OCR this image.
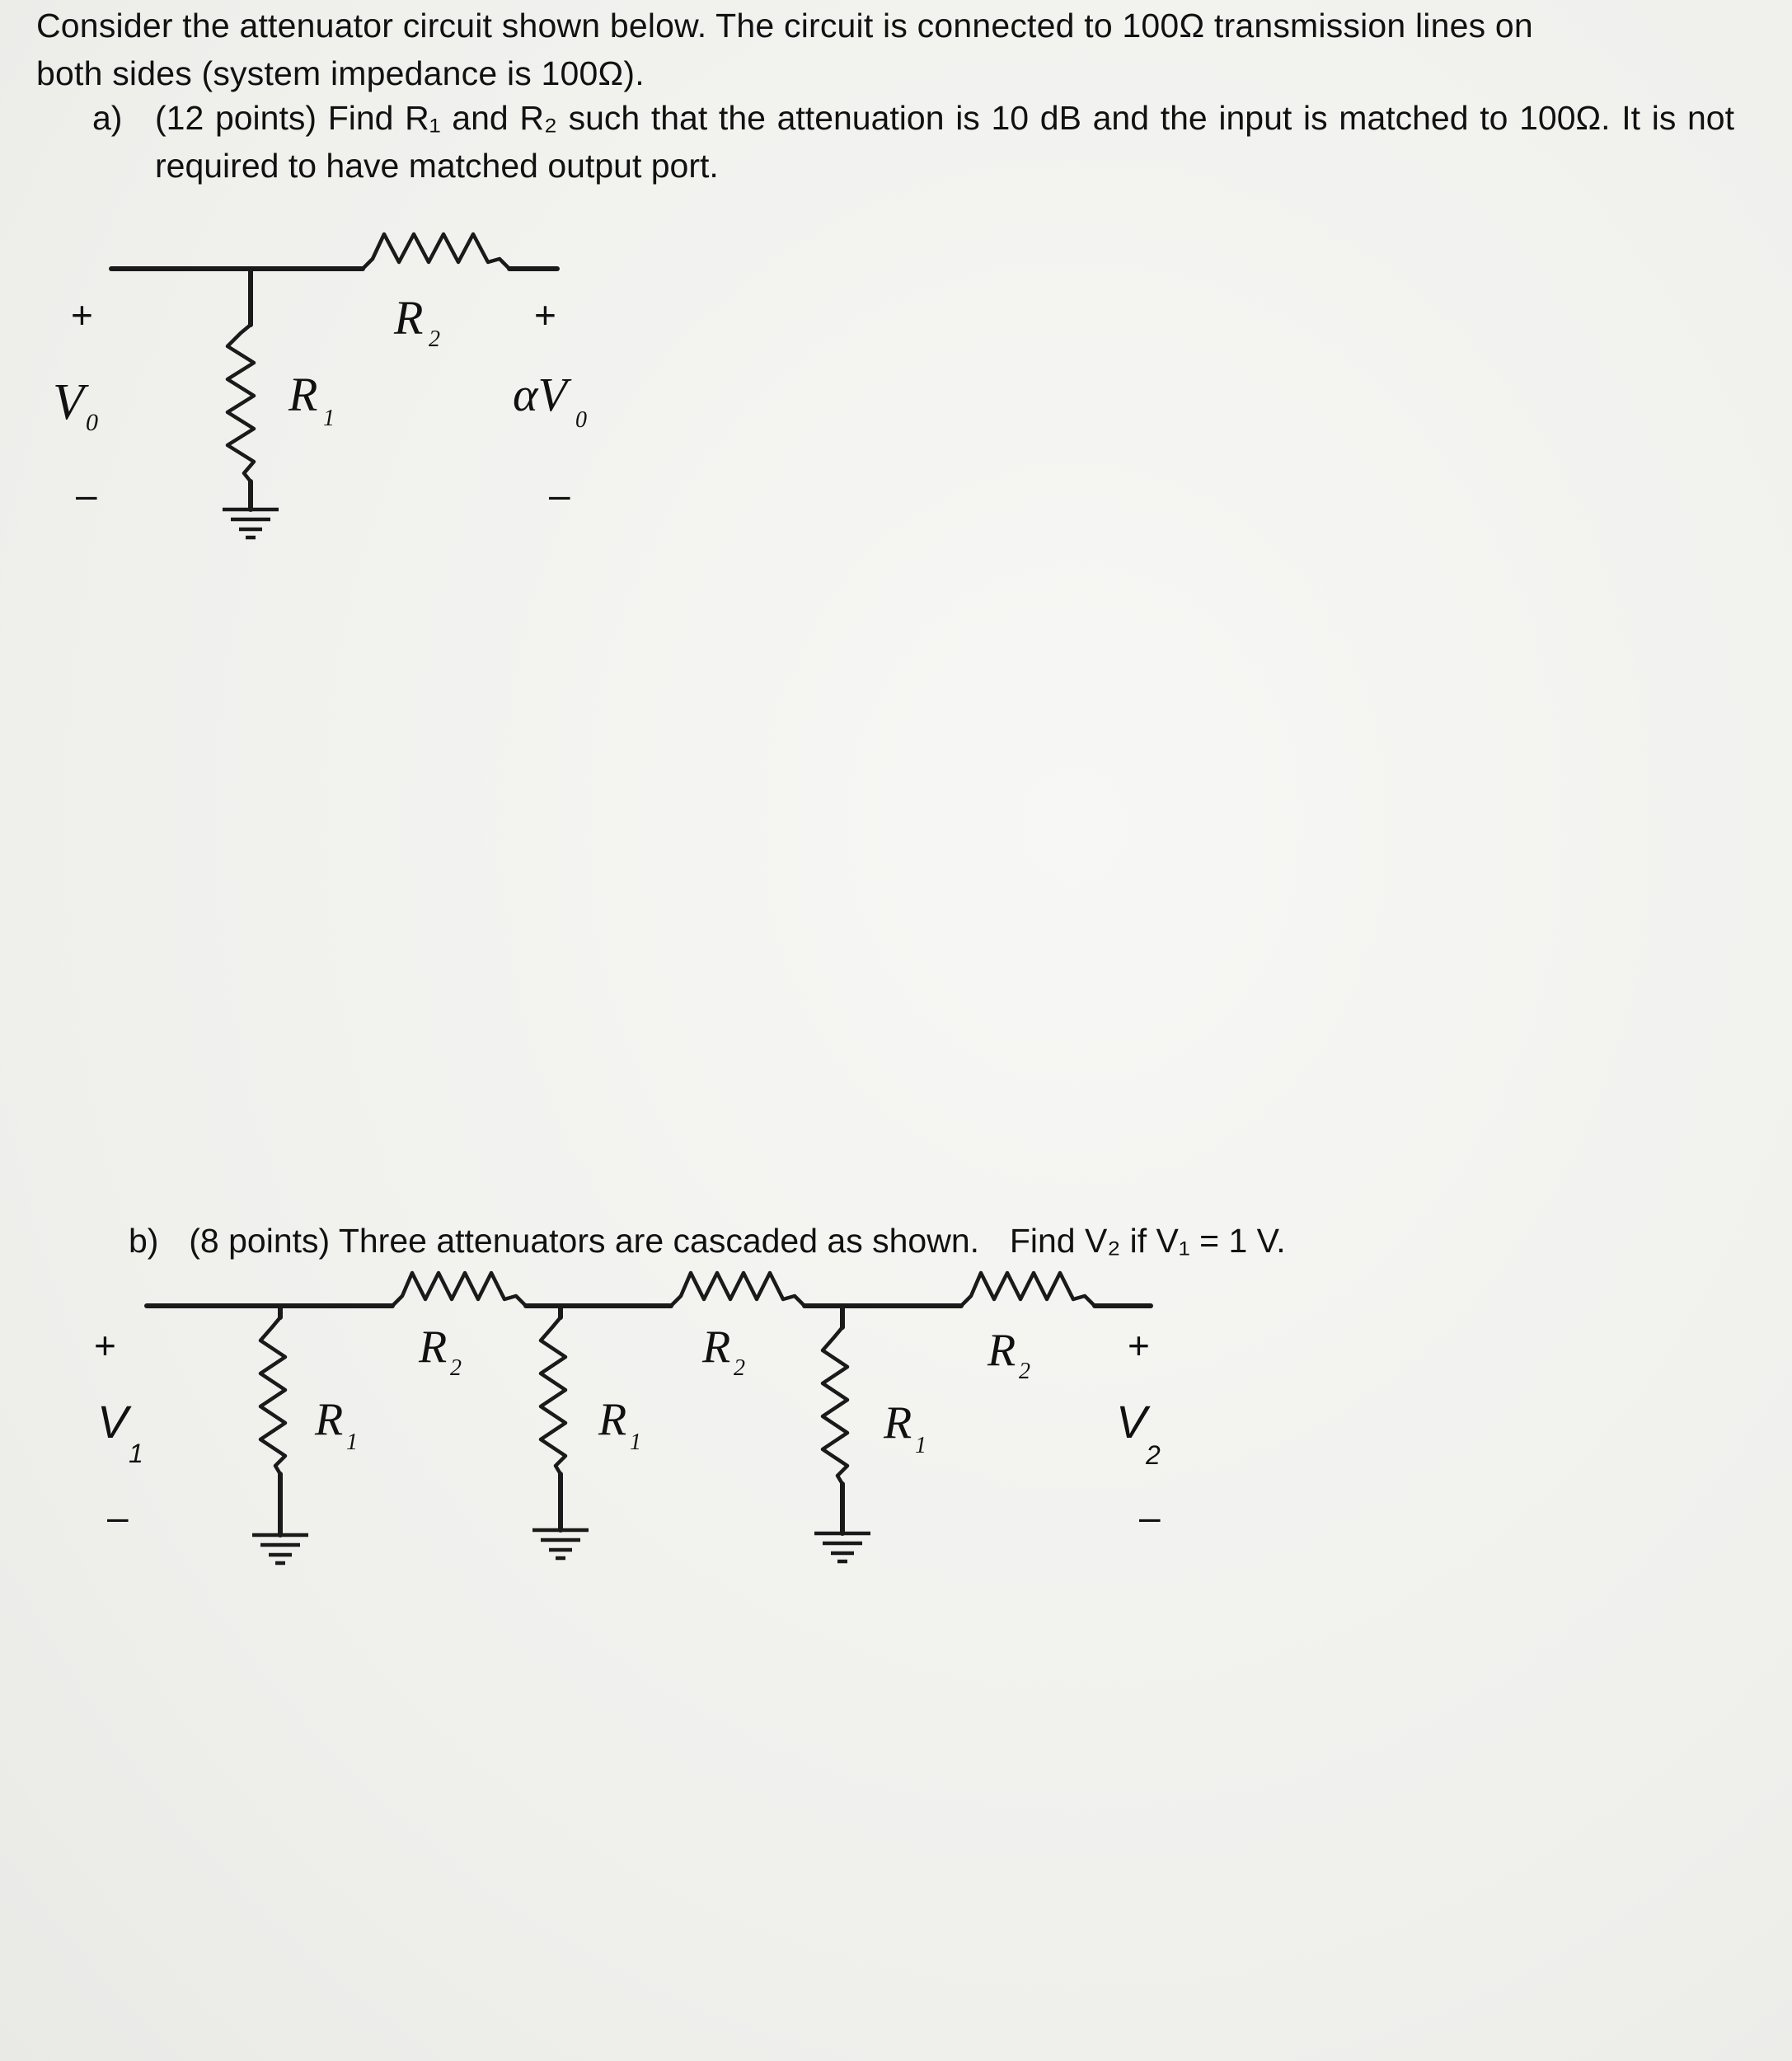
Consider the attenuator circuit shown below. The circuit is connected to 100Ω transmission lines on

both sides (system impedance is 100Ω).
a) (12 points) Find R₁ and R₂ such that the attenuation is 10 dB and the input is matched to 100Ω. It is not required to have matched output port.
b) (8 points) Three attenuators are cascaded as shown. Find V₂ if V₁ = 1 V.
+
V 0
–
R 2
R 1
+
αV 0
–
+
V
1
–
R 2	R 2	R 2
R 1	R 1	R 1
+
V
2
–
